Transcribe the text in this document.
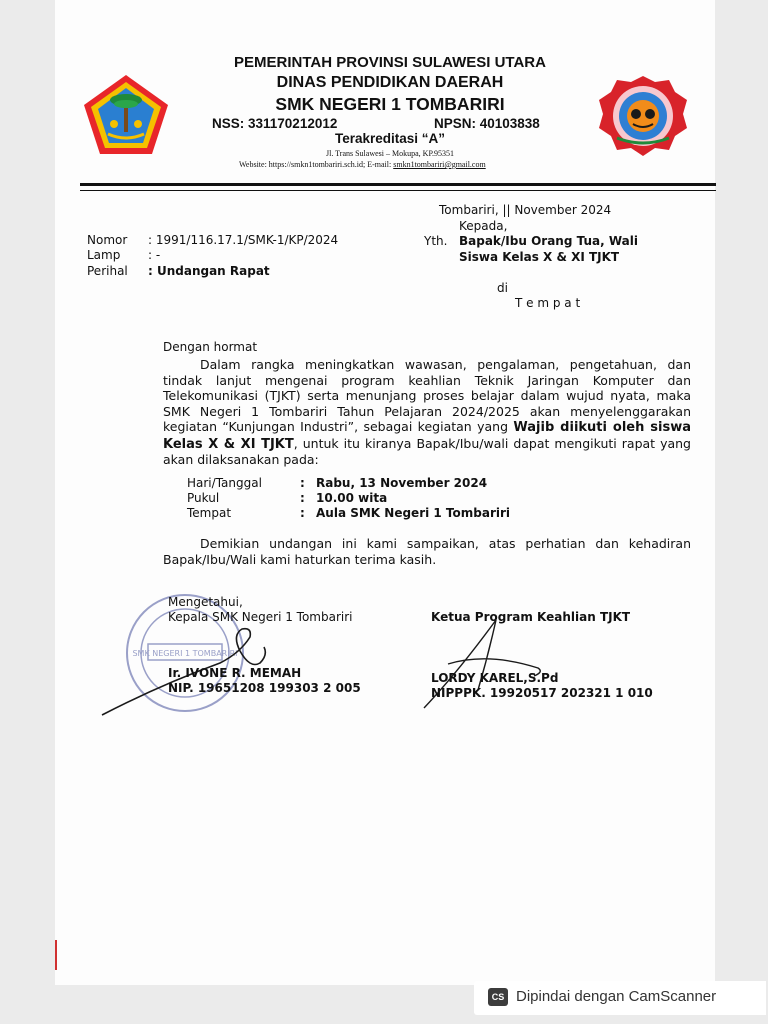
PEMERINTAH PROVINSI SULAWESI UTARA
DINAS PENDIDIKAN DAERAH
SMK NEGERI 1 TOMBARIRI
NSS: 331170212012	NPSN: 40103838
Terakreditasi “A”
Jl. Trans Sulawesi – Mokupa, KP.95351
Website: https://smkn1tombariri.sch.id; E-mail: smkn1tombariri@gmail.com
Tombariri, || November 2024
Kepada,
Yth. Bapak/Ibu Orang Tua, Wali
Siswa Kelas X & XI TJKT
di
T e m p a t
Nomor : 1991/116.17.1/SMK-1/KP/2024
Lamp : -
Perihal : Undangan Rapat
Dengan hormat
Dalam rangka meningkatkan wawasan, pengalaman, pengetahuan, dan tindak lanjut mengenai program keahlian Teknik Jaringan Komputer dan Telekomunikasi (TJKT) serta menunjang proses belajar dalam wujud nyata, maka SMK Negeri 1 Tombariri Tahun Pelajaran 2024/2025 akan menyelenggarakan kegiatan “Kunjungan Industri”, sebagai kegiatan yang Wajib diikuti oleh siswa Kelas X & XI TJKT, untuk itu kiranya Bapak/Ibu/wali dapat mengikuti rapat yang akan dilaksanakan pada:
Hari/Tanggal	: Rabu, 13 November 2024
Pukul	: 10.00 wita
Tempat	: Aula SMK Negeri 1 Tombariri
Demikian undangan ini kami sampaikan, atas perhatian dan kehadiran Bapak/Ibu/Wali kami haturkan terima kasih.
SMK NEGERI 1 TOMBARIRI
Mengetahui,
Kepala SMK Negeri 1 Tombariri
Ir. IVONE R. MEMAH
NIP. 19651208 199303 2 005
Ketua Program Keahlian TJKT
LORDY KAREL,S.Pd
NIPPPK. 19920517 202321 1 010
CS Dipindai dengan CamScanner
